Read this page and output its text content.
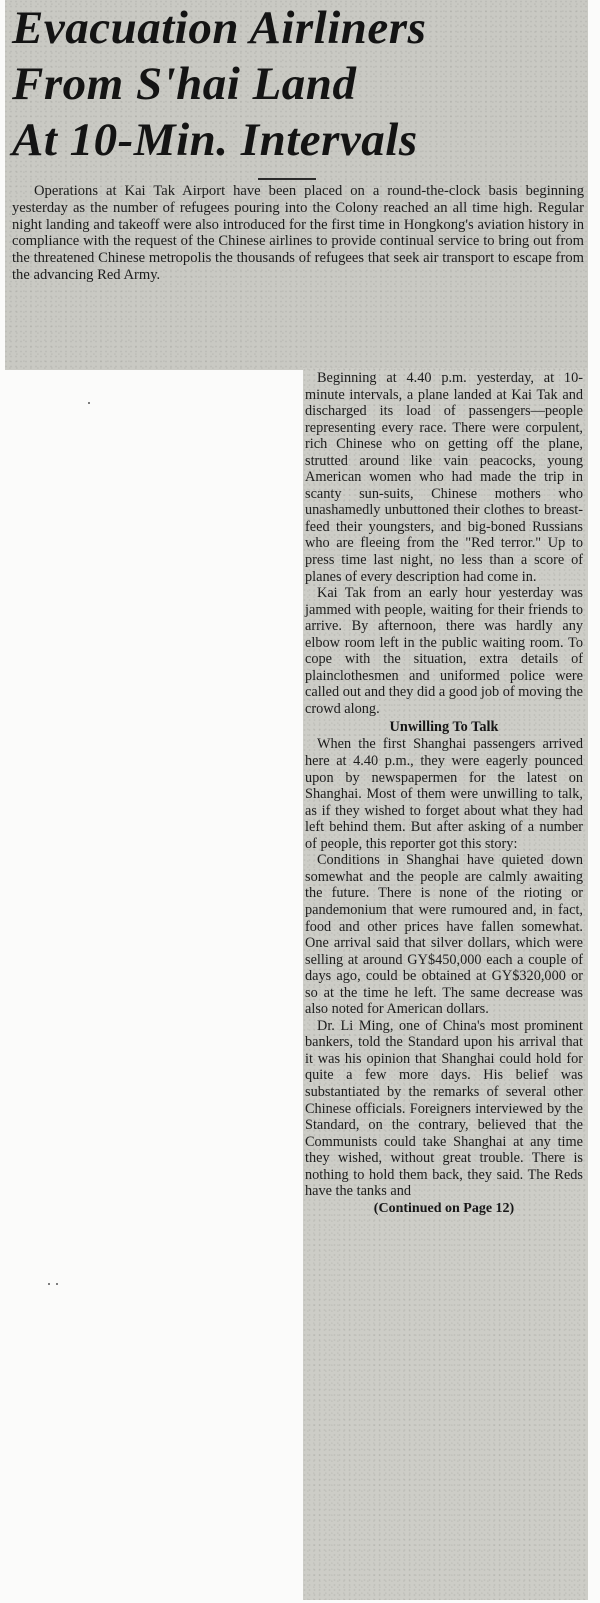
Evacuation Airliners
From S'hai Land
At 10-Min. Intervals

Operations at Kai Tak Airport have been placed on a round-the-clock basis beginning yesterday as the number of refugees pouring into the Colony reached an all time high. Regular night landing and takeoff were also introduced for the first time in Hongkong's aviation history in compliance with the request of the Chinese airlines to provide continual service to bring out from the threatened Chinese metropolis the thousands of refugees that seek air transport to escape from the advancing Red Army.

Beginning at 4.40 p.m. yesterday, at 10-minute intervals, a plane landed at Kai Tak and discharged its load of passengers—people representing every race. There were corpulent, rich Chinese who on getting off the plane, strutted around like vain peacocks, young American women who had made the trip in scanty sun-suits, Chinese mothers who unashamedly unbuttoned their clothes to breast-feed their youngsters, and big-boned Russians who are fleeing from the "Red terror." Up to press time last night, no less than a score of planes of every description had come in.

Kai Tak from an early hour yesterday was jammed with people, waiting for their friends to arrive. By afternoon, there was hardly any elbow room left in the public waiting room. To cope with the situation, extra details of plainclothesmen and uniformed police were called out and they did a good job of moving the crowd along.

Unwilling To Talk

When the first Shanghai passengers arrived here at 4.40 p.m., they were eagerly pounced upon by newspapermen for the latest on Shanghai. Most of them were unwilling to talk, as if they wished to forget about what they had left behind them. But after asking of a number of people, this reporter got this story:

Conditions in Shanghai have quieted down somewhat and the people are calmly awaiting the future. There is none of the rioting or pandemonium that were rumoured and, in fact, food and other prices have fallen somewhat. One arrival said that silver dollars, which were selling at around GY$450,000 each a couple of days ago, could be obtained at GY$320,000 or so at the time he left. The same decrease was also noted for American dollars.

Dr. Li Ming, one of China's most prominent bankers, told the Standard upon his arrival that it was his opinion that Shanghai could hold for quite a few more days. His belief was substantiated by the remarks of several other Chinese officials. Foreigners interviewed by the Standard, on the contrary, believed that the Communists could take Shanghai at any time they wished, without great trouble. There is nothing to hold them back, they said. The Reds have the tanks and

(Continued on Page 12)
